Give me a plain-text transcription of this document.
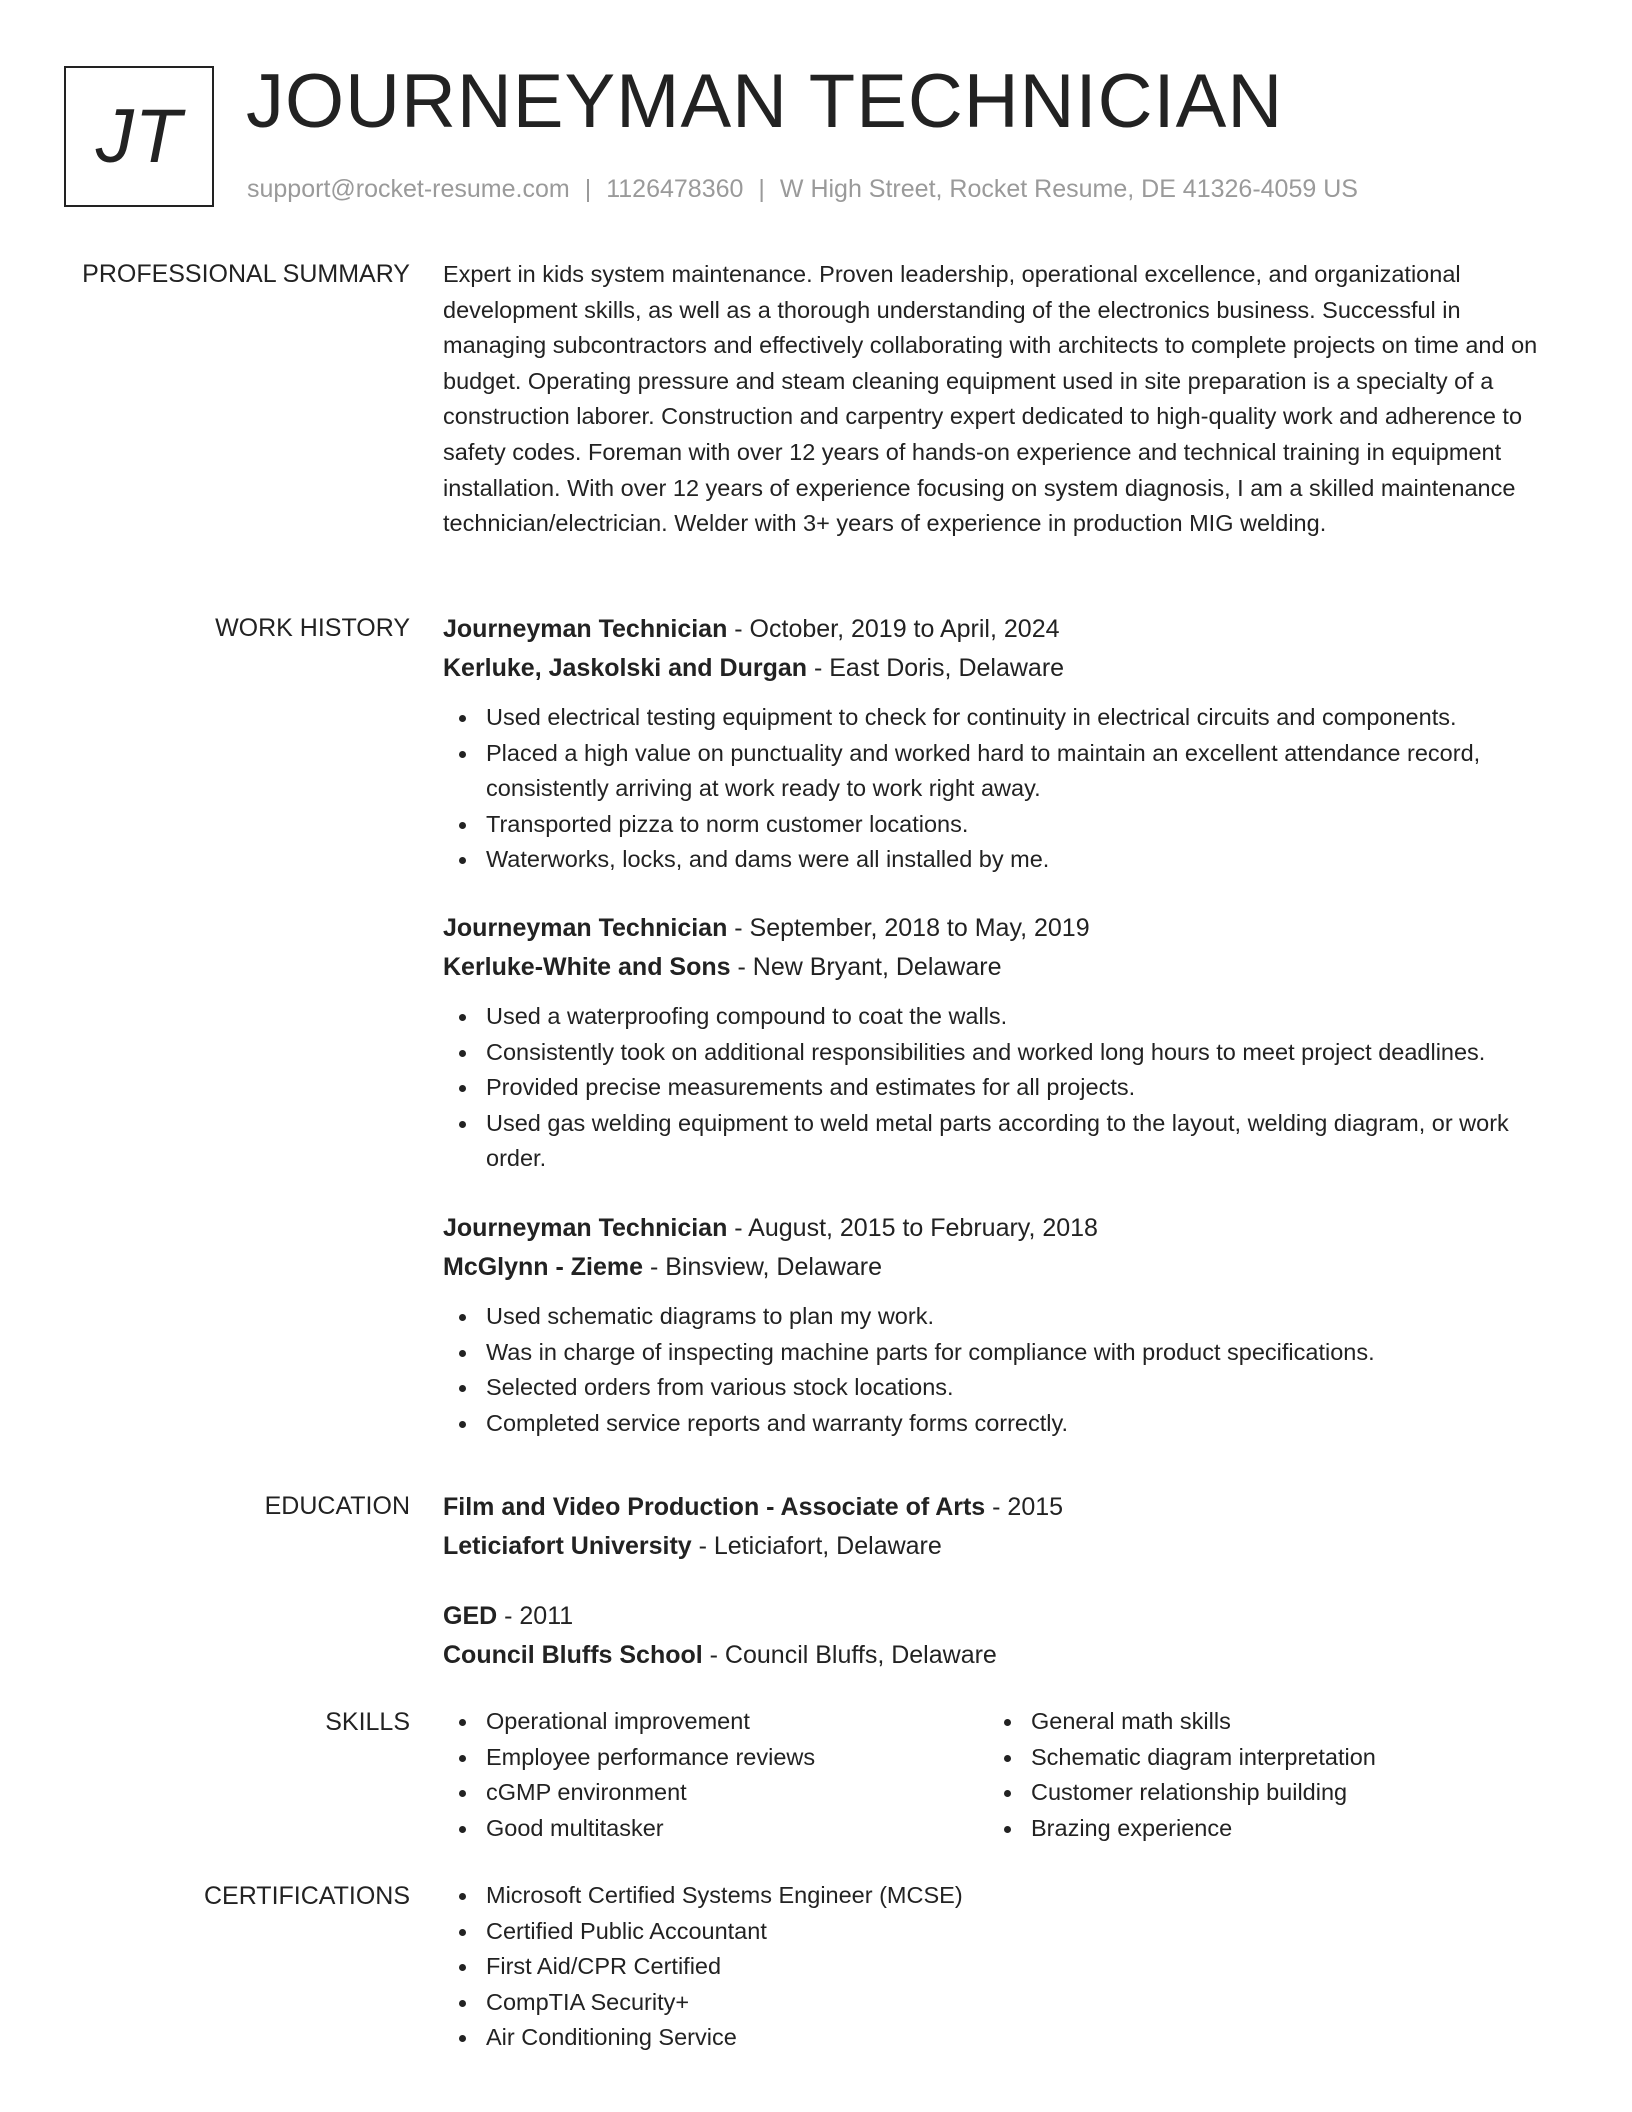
JT JOURNEYMAN TECHNICIAN
support@rocket-resume.com | 1126478360 | W High Street, Rocket Resume, DE 41326-4059 US
PROFESSIONAL SUMMARY Expert in kids system maintenance. Proven leadership, operational excellence, and organizational development skills, as well as a thorough understanding of the electronics business. Successful in managing subcontractors and effectively collaborating with architects to complete projects on time and on budget. Operating pressure and steam cleaning equipment used in site preparation is a specialty of a construction laborer. Construction and carpentry expert dedicated to high-quality work and adherence to safety codes. Foreman with over 12 years of hands-on experience and technical training in equipment installation. With over 12 years of experience focusing on system diagnosis, I am a skilled maintenance technician/electrician. Welder with 3+ years of experience in production MIG welding.

WORK HISTORY Journeyman Technician - October, 2019 to April, 2024
Kerluke, Jaskolski and Durgan - East Doris, Delaware
Used electrical testing equipment to check for continuity in electrical circuits and components.
Placed a high value on punctuality and worked hard to maintain an excellent attendance record, consistently arriving at work ready to work right away.
Transported pizza to norm customer locations.
Waterworks, locks, and dams were all installed by me.
Journeyman Technician - September, 2018 to May, 2019
Kerluke-White and Sons - New Bryant, Delaware
Used a waterproofing compound to coat the walls.
Consistently took on additional responsibilities and worked long hours to meet project deadlines.
Provided precise measurements and estimates for all projects.
Used gas welding equipment to weld metal parts according to the layout, welding diagram, or work order.
Journeyman Technician - August, 2015 to February, 2018
McGlynn - Zieme - Binsview, Delaware
Used schematic diagrams to plan my work.
Was in charge of inspecting machine parts for compliance with product specifications.
Selected orders from various stock locations.
Completed service reports and warranty forms correctly.
EDUCATION Film and Video Production - Associate of Arts - 2015
Leticiafort University - Leticiafort, Delaware
GED - 2011
Council Bluffs School - Council Bluffs, Delaware
SKILLS	Operational improvement
Employee performance reviews
cGMP environment
Good multitasker
General math skills
Schematic diagram interpretation
Customer relationship building
Brazing experience
CERTIFICATIONS	Microsoft Certified Systems Engineer (MCSE)
Certified Public Accountant
First Aid/CPR Certified
CompTIA Security+
Air Conditioning Service
